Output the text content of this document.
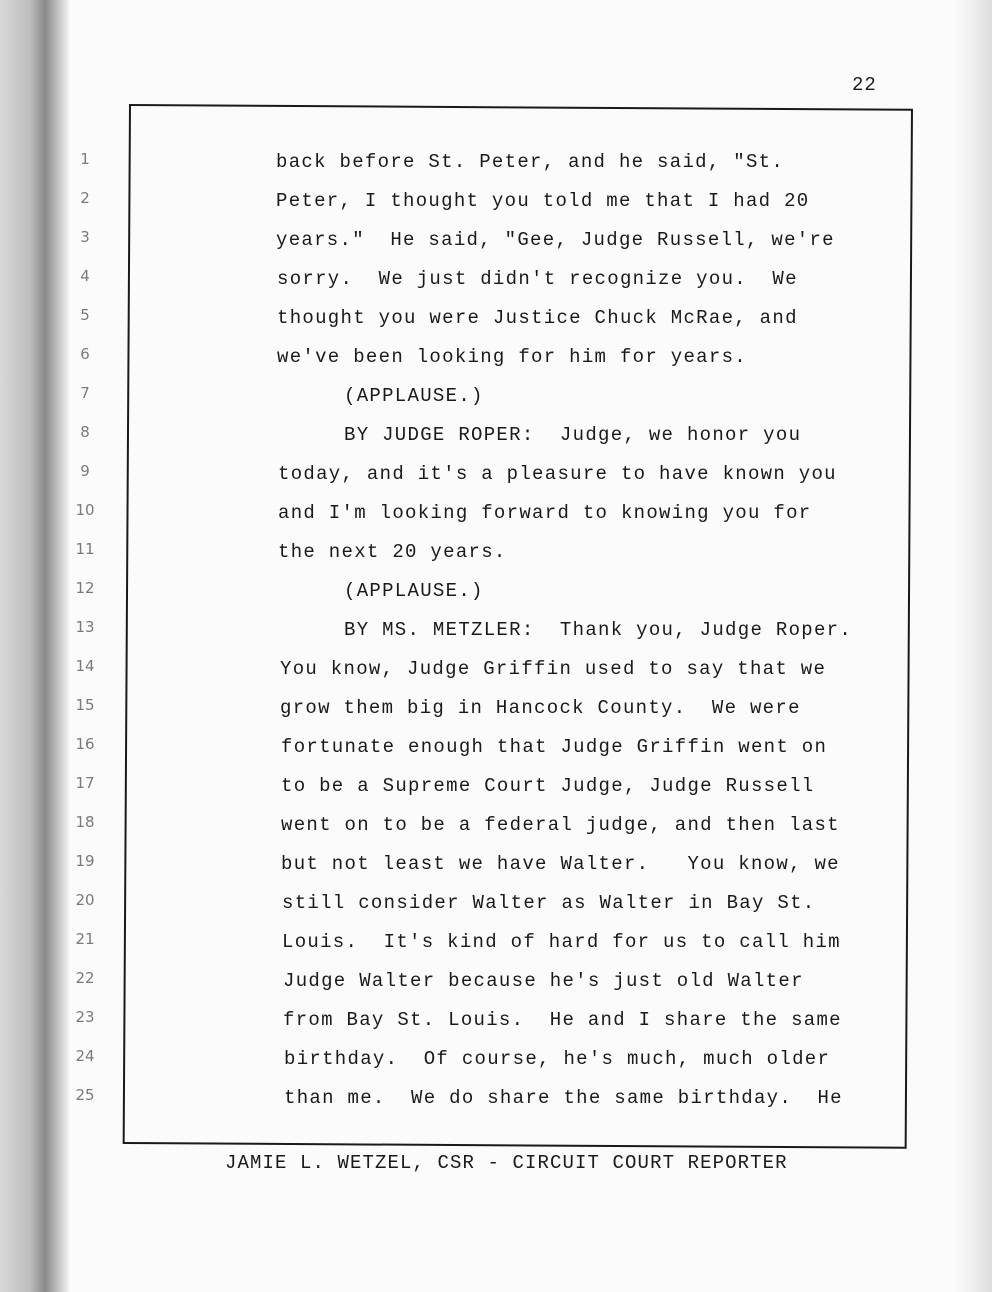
22
1
2
3
4
5
6
7
8
9
10
11
12
13
14
15
16
17
18
19
20
21
22
23
24
25
back before St. Peter, and he said, "St.
Peter, I thought you told me that I had 20
years."  He said, "Gee, Judge Russell, we're
sorry.  We just didn't recognize you.  We
thought you were Justice Chuck McRae, and
we've been looking for him for years.
(APPLAUSE.)
BY JUDGE ROPER:  Judge, we honor you
today, and it's a pleasure to have known you
and I'm looking forward to knowing you for
the next 20 years.
(APPLAUSE.)
BY MS. METZLER:  Thank you, Judge Roper.
You know, Judge Griffin used to say that we
grow them big in Hancock County.  We were
fortunate enough that Judge Griffin went on
to be a Supreme Court Judge, Judge Russell
went on to be a federal judge, and then last
but not least we have Walter.   You know, we
still consider Walter as Walter in Bay St.
Louis.  It's kind of hard for us to call him
Judge Walter because he's just old Walter
from Bay St. Louis.  He and I share the same
birthday.  Of course, he's much, much older
than me.  We do share the same birthday.  He
JAMIE L. WETZEL, CSR - CIRCUIT COURT REPORTER
